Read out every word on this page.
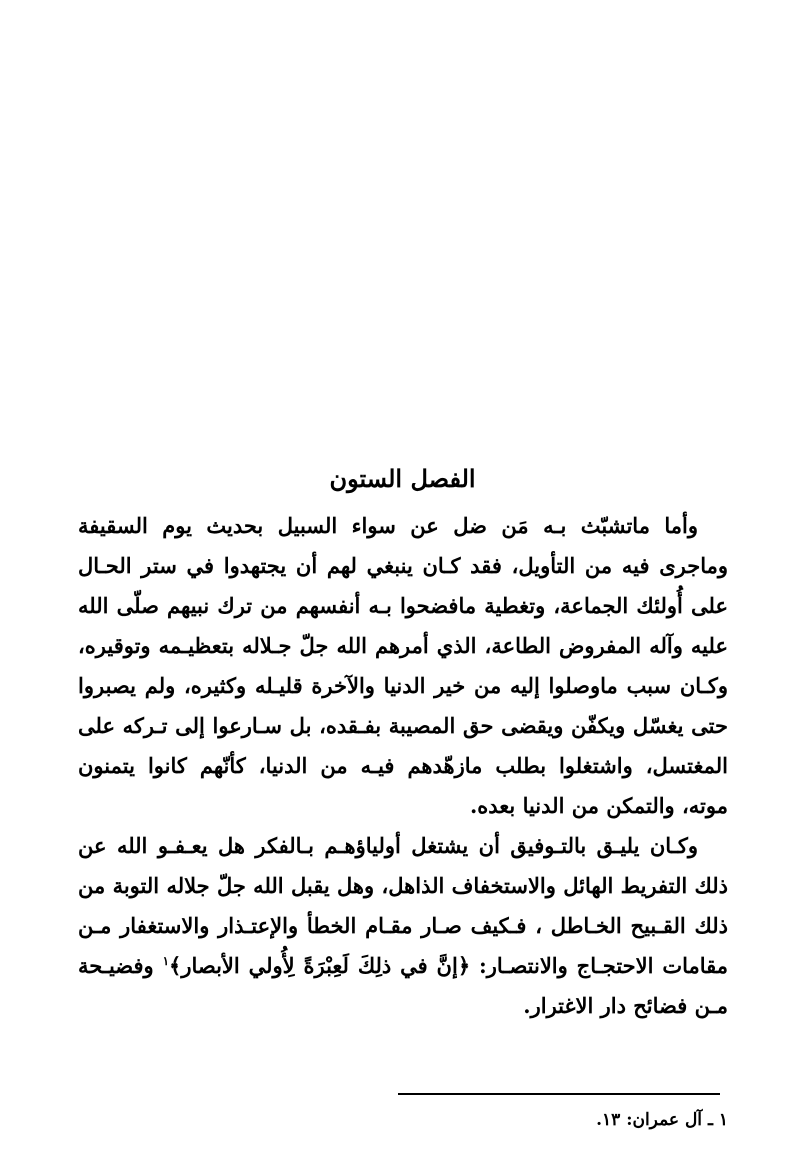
الفصل الستون

وأما ماتشبّث بـه مَن ضل عن سواء السبيل بحديث يوم السقيفة وماجرى فيه من التأويل، فقد كـان ينبغي لهم أن يجتهدوا في ستر الحـال على أُولئك الجماعة، وتغطية مافضحوا بـه أنفسهم من ترك نبيهم صلّى الله عليه وآله المفروض الطاعة، الذي أمرهم الله جلّ جـلاله بتعظيـمه وتوقيره، وكـان سبب ماوصلوا إليه من خير الدنيا والآخرة قليـله وكثيره، ولم يصبروا حتى يغسّل ويكفّن ويقضى حق المصيبة بفـقده، بل سـارعوا إلى تـركه على المغتسل، واشتغلوا بطلب مازهّدهم فيـه من الدنيا، كأنّهم كانوا يتمنون موته، والتمكن من الدنيا بعده.

وكـان يليـق بالتـوفيق أن يشتغل أولياؤهـم بـالفكر هل يعـفـو الله عن ذلك التفريط الهائل والاستخفاف الذاهل، وهل يقبل الله جلّ جلاله التوبة من ذلك القـبيح الخـاطل ، فـكيف صـار مقـام الخطأ والإعتـذار والاستغفار مـن مقامات الاحتجـاج والانتصـار: ﴿إنَّ في ذلِكَ لَعِبْرَةً لِأُولي الأبصار﴾$^١$ وفضيـحة مـن فضائح دار الاغترار.

١ ـ آل عمران: ١٣.
